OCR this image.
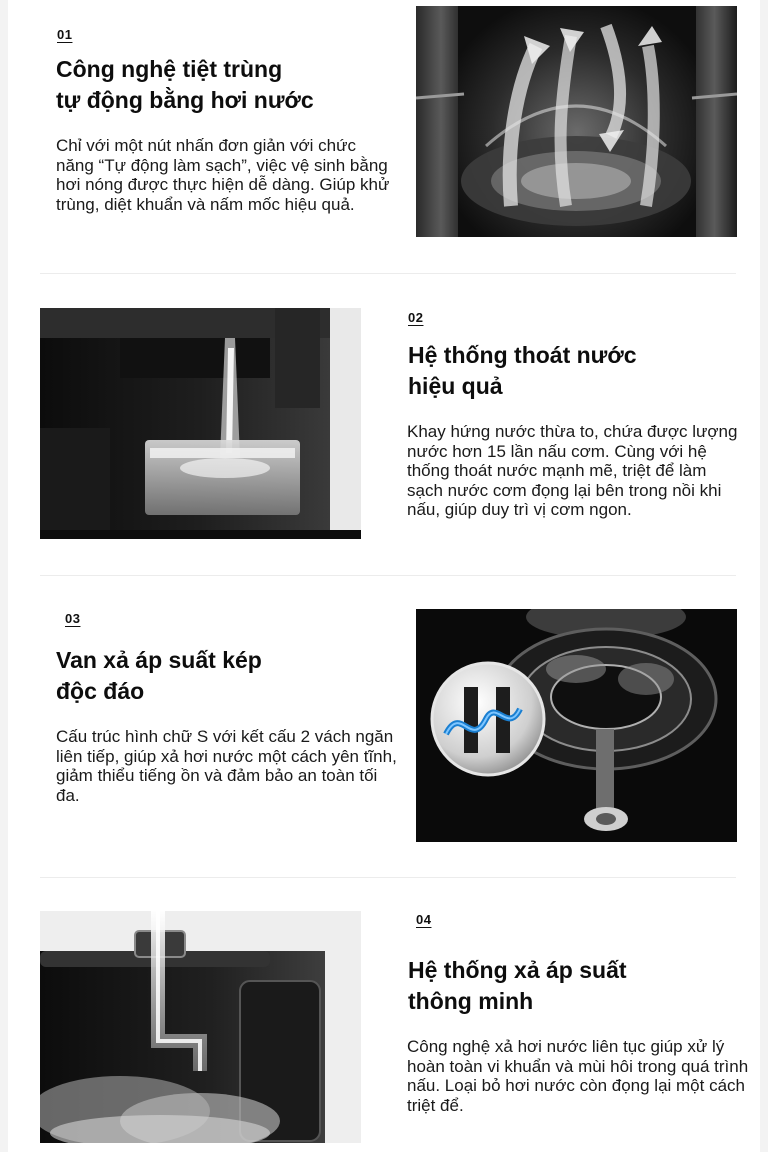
01
Công nghệ tiệt trùng
tự động bằng hơi nước
Chỉ với một nút nhấn đơn giản với chức năng “Tự động làm sạch”, việc vệ sinh bằng hơi nóng được thực hiện dễ dàng. Giúp khử trùng, diệt khuẩn và nấm mốc hiệu quả.
02
Hệ thống thoát nước
hiệu quả
Khay hứng nước thừa to, chứa được lượng nước hơn 15 lần nấu cơm. Cùng với hệ thống thoát nước mạnh mẽ, triệt để làm sạch nước cơm đọng lại bên trong nồi khi nấu, giúp duy trì vị cơm ngon.
03
Van xả áp suất kép
độc đáo
Cấu trúc hình chữ S với kết cấu 2 vách ngăn liên tiếp, giúp xả hơi nước một cách yên tĩnh, giảm thiểu tiếng ồn và đảm bảo an toàn tối đa.
04
Hệ thống xả áp suất
thông minh
Công nghệ xả hơi nước liên tục giúp xử lý hoàn toàn vi khuẩn và mùi hôi trong quá trình nấu. Loại bỏ hơi nước còn đọng lại một cách triệt để.
